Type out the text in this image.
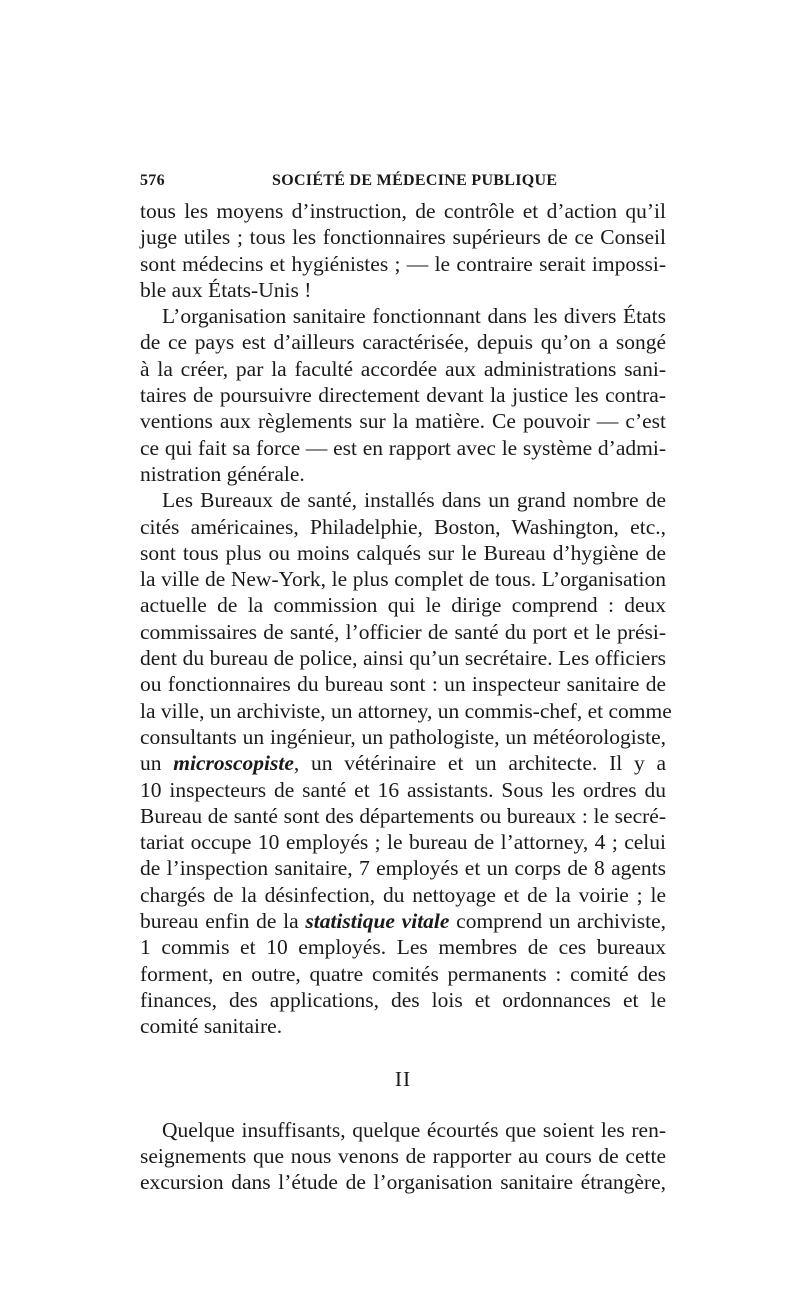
576	SOCIÉTÉ DE MÉDECINE PUBLIQUE
tous les moyens d’instruction, de contrôle et d’action qu’il
juge utiles ; tous les fonctionnaires supérieurs de ce Conseil
sont médecins et hygiénistes ; — le contraire serait impossi-
ble aux États-Unis !
L’organisation sanitaire fonctionnant dans les divers États
de ce pays est d’ailleurs caractérisée, depuis qu’on a songé
à la créer, par la faculté accordée aux administrations sani-
taires de poursuivre directement devant la justice les contra-
ventions aux règlements sur la matière. Ce pouvoir — c’est
ce qui fait sa force — est en rapport avec le système d’admi-
nistration générale.
Les Bureaux de santé, installés dans un grand nombre de
cités américaines, Philadelphie, Boston, Washington, etc.,
sont tous plus ou moins calqués sur le Bureau d’hygiène de
la ville de New-York, le plus complet de tous. L’organisation
actuelle de la commission qui le dirige comprend : deux
commissaires de santé, l’officier de santé du port et le prési-
dent du bureau de police, ainsi qu’un secrétaire. Les officiers
ou fonctionnaires du bureau sont : un inspecteur sanitaire de
la ville, un archiviste, un attorney, un commis-chef, et comme
consultants un ingénieur, un pathologiste, un météorologiste,
un microscopiste, un vétérinaire et un architecte. Il y a
10 inspecteurs de santé et 16 assistants. Sous les ordres du
Bureau de santé sont des départements ou bureaux : le secré-
tariat occupe 10 employés ; le bureau de l’attorney, 4 ; celui
de l’inspection sanitaire, 7 employés et un corps de 8 agents
chargés de la désinfection, du nettoyage et de la voirie ; le
bureau enfin de la statistique vitale comprend un archiviste,
1 commis et 10 employés. Les membres de ces bureaux
forment, en outre, quatre comités permanents : comité des
finances, des applications, des lois et ordonnances et le
comité sanitaire.
II
Quelque insuffisants, quelque écourtés que soient les ren-
seignements que nous venons de rapporter au cours de cette
excursion dans l’étude de l’organisation sanitaire étrangère,
